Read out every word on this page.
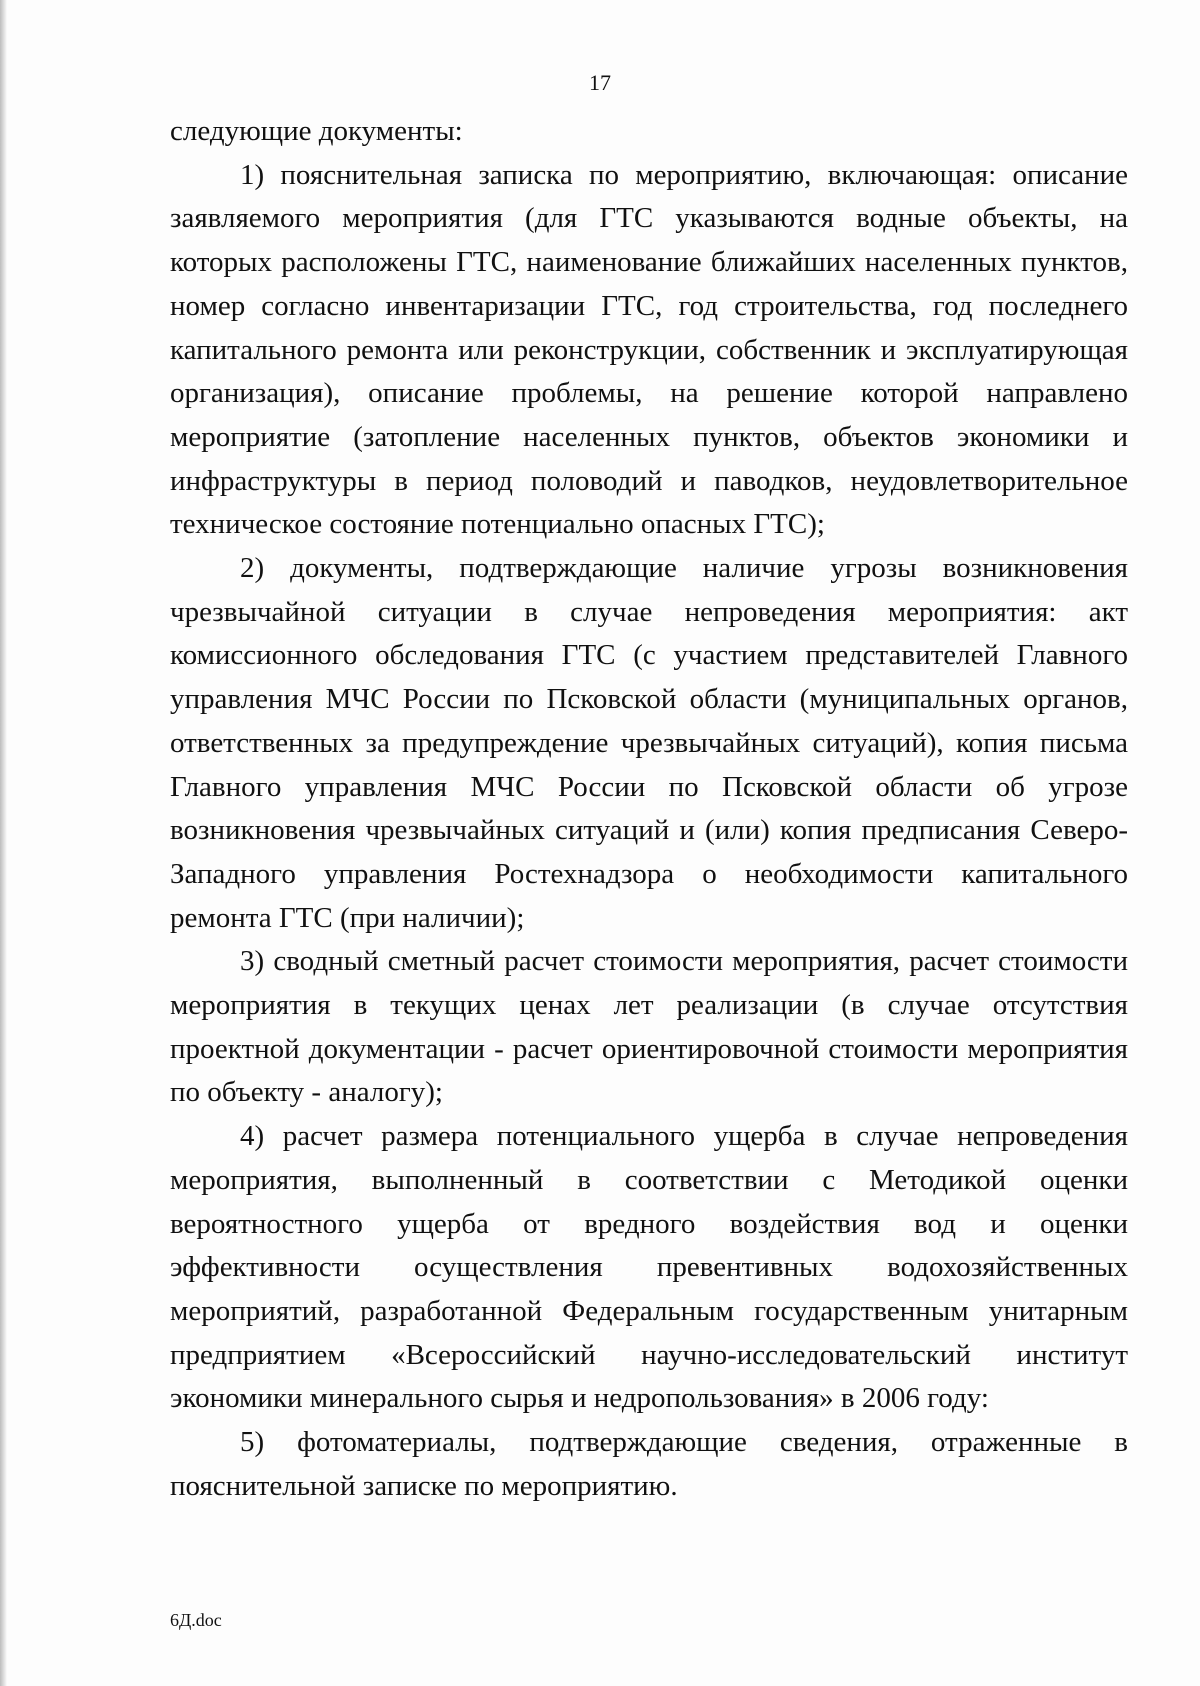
17

следующие документы:

1) пояснительная записка по мероприятию, включающая: описание заявляемого мероприятия (для ГТС указываются водные объекты, на которых расположены ГТС, наименование ближайших населенных пунктов, номер согласно инвентаризации ГТС, год строительства, год последнего капитального ремонта или реконструкции, собственник и эксплуатирующая организация), описание проблемы, на решение которой направлено мероприятие (затопление населенных пунктов, объектов экономики и инфраструктуры в период половодий и паводков, неудовлетворительное техническое состояние потенциально опасных ГТС);

2) документы, подтверждающие наличие угрозы возникновения чрезвычайной ситуации в случае непроведения мероприятия: акт комиссионного обследования ГТС (с участием представителей Главного управления МЧС России по Псковской области (муниципальных органов, ответственных за предупреждение чрезвычайных ситуаций), копия письма Главного управления МЧС России по Псковской области об угрозе возникновения чрезвычайных ситуаций и (или) копия предписания Северо-Западного управления Ростехнадзора о необходимости капитального ремонта ГТС (при наличии);

3) сводный сметный расчет стоимости мероприятия, расчет стоимости мероприятия в текущих ценах лет реализации (в случае отсутствия проектной документации - расчет ориентировочной стоимости мероприятия по объекту - аналогу);

4) расчет размера потенциального ущерба в случае непроведения мероприятия, выполненный в соответствии с Методикой оценки вероятностного ущерба от вредного воздействия вод и оценки эффективности осуществления превентивных водохозяйственных мероприятий, разработанной Федеральным государственным унитарным предприятием «Всероссийский научно-исследовательский институт экономики минерального сырья и недропользования» в 2006 году:

5) фотоматериалы, подтверждающие сведения, отраженные в пояснительной записке по мероприятию.

6Д.doc
